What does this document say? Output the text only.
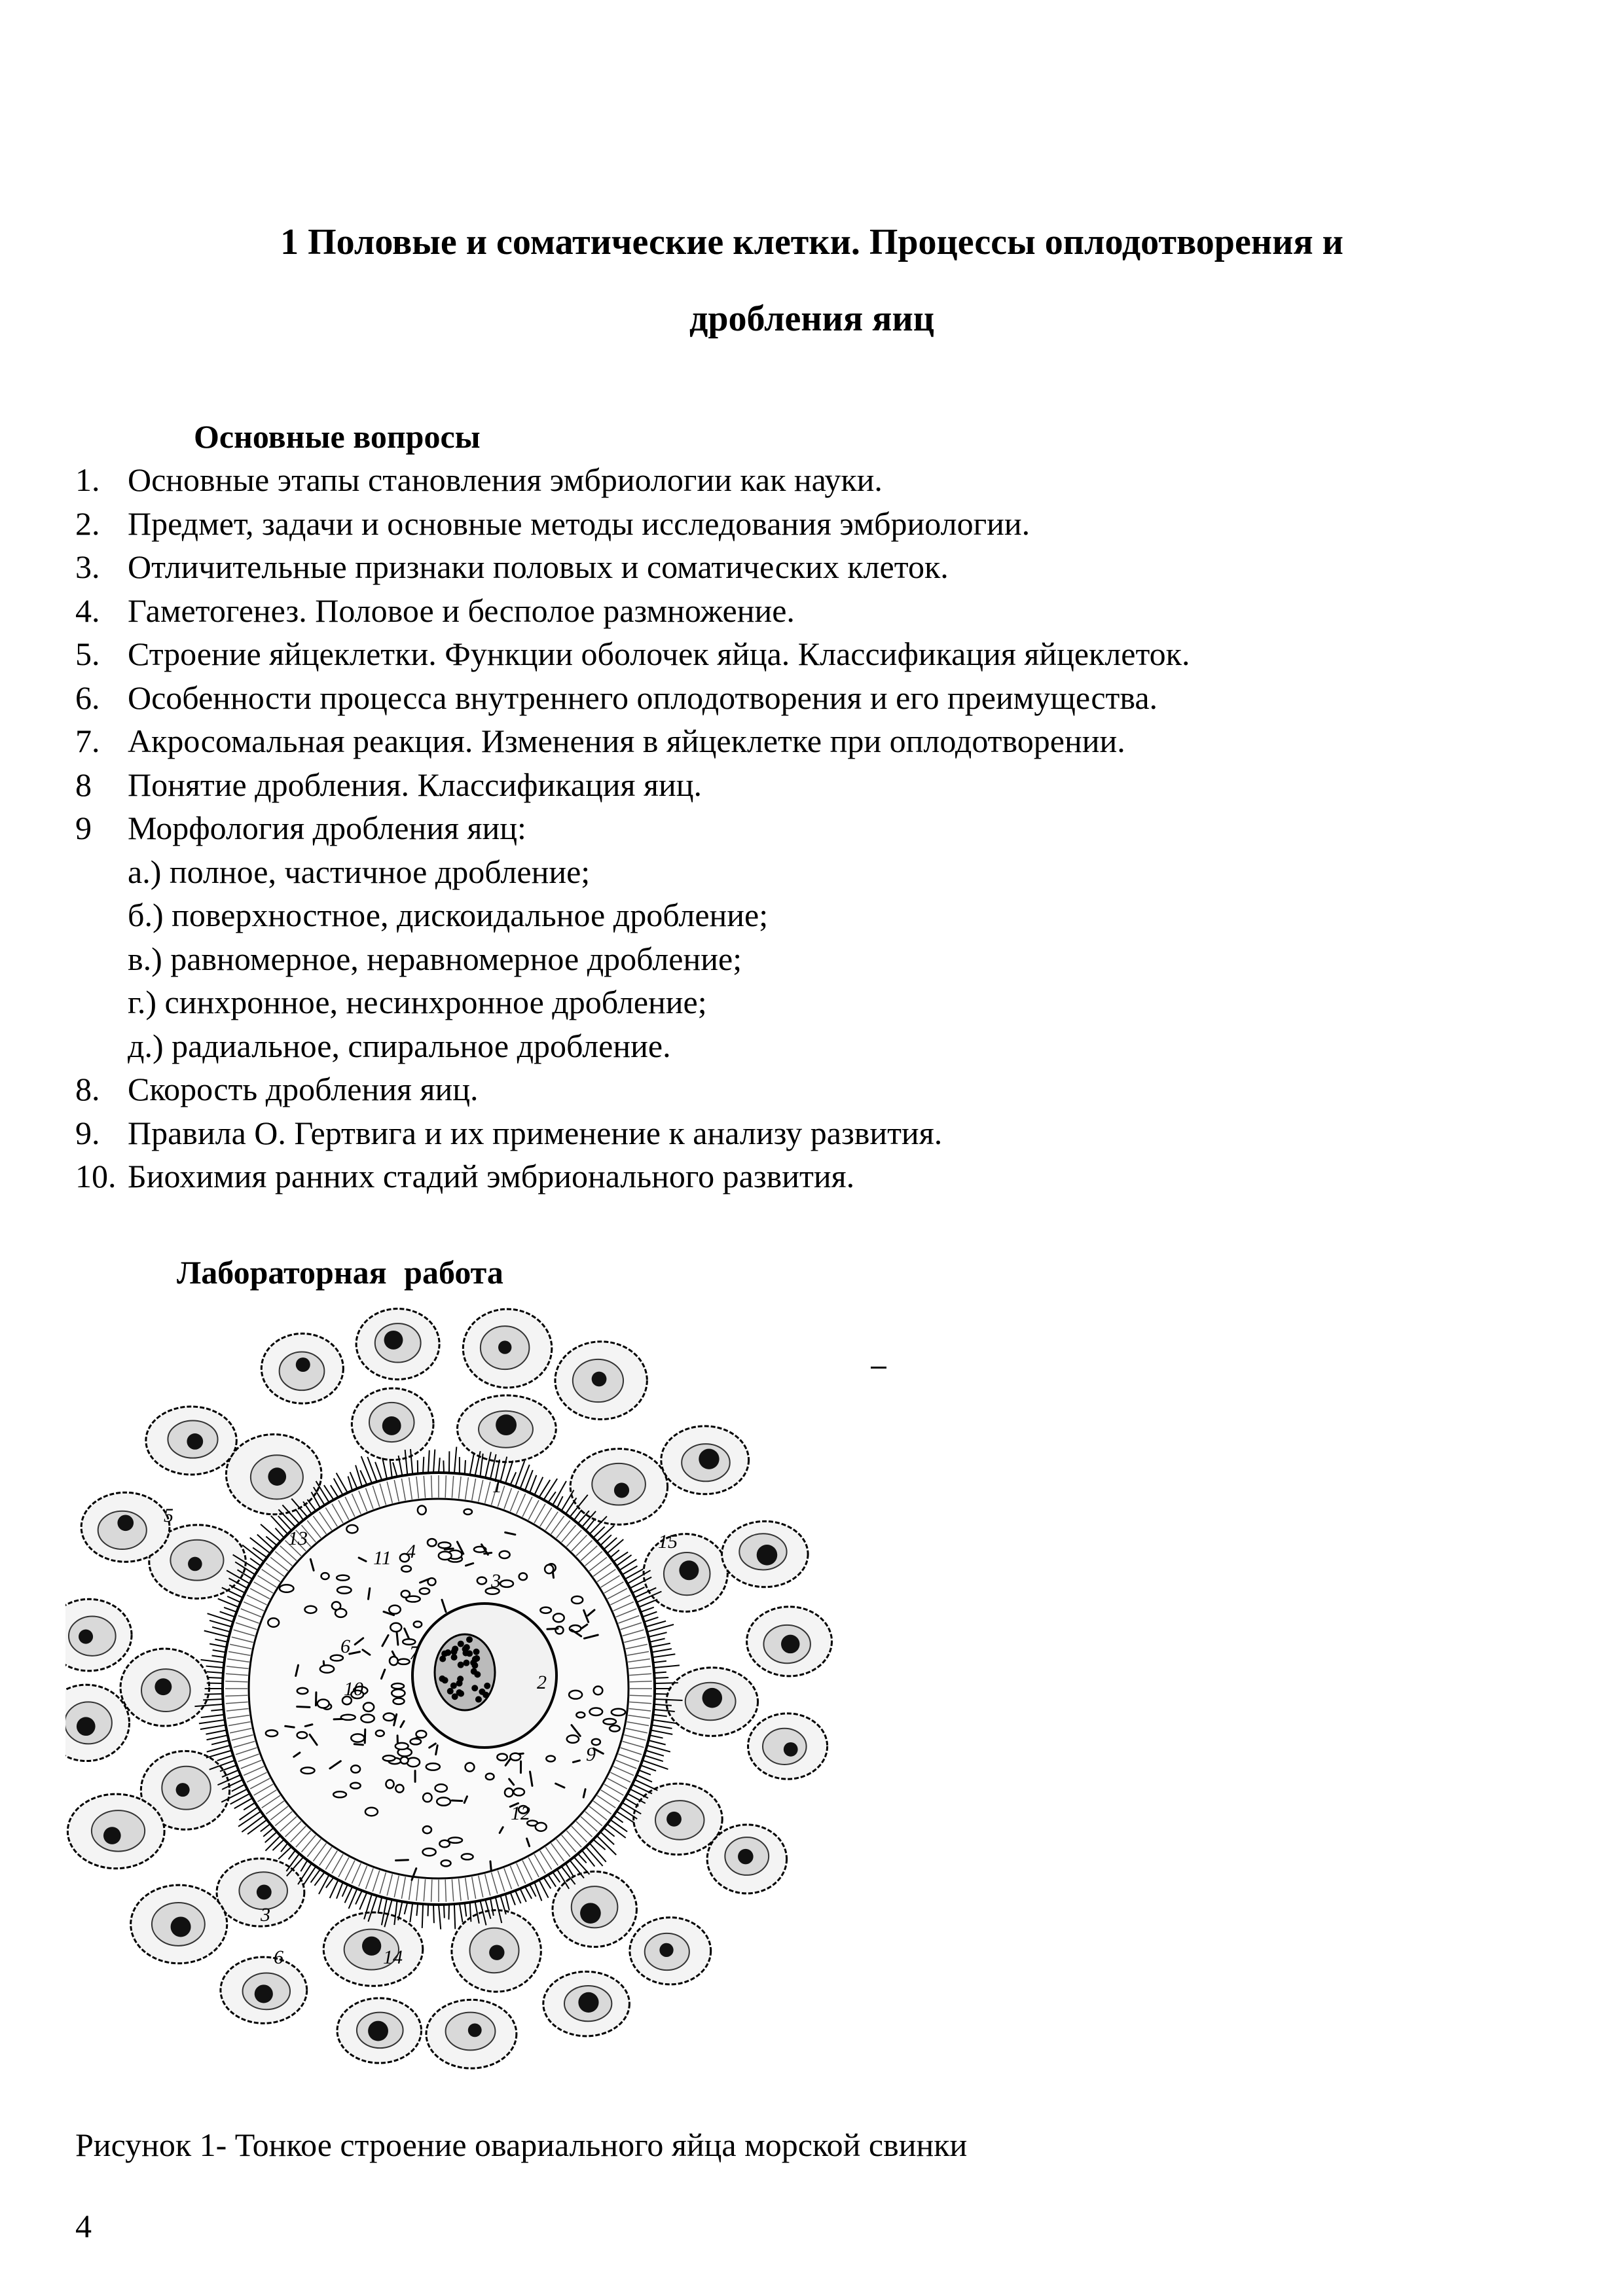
1 Половые и соматические клетки. Процессы оплодотворения и
дробления яиц
Основные вопросы
1. Основные этапы становления эмбриологии как науки.
2. Предмет, задачи и основные методы исследования эмбриологии.
3. Отличительные признаки половых и соматических клеток.
4. Гаметогенез. Половое и бесполое размножение.
5. Строение яйцеклетки. Функции оболочек яйца. Классификация яйцеклеток.
6. Особенности процесса внутреннего оплодотворения и его преимущества.
7. Акросомальная реакция. Изменения в яйцеклетке при оплодотворении.
8 Понятие дробления. Классификация яиц.
9 Морфология дробления яиц:
а.) полное, частичное дробление;
б.) поверхностное, дискоидальное дробление;
в.) равномерное, неравномерное дробление;
г.) синхронное, несинхронное дробление;
д.) радиальное, спиральное дробление.
8. Скорость дробления яиц.
9. Правила О. Гертвига и их применение к анализу развития.
10. Биохимия ранних стадий эмбрионального развития.
Лабораторная работа
1
2
3
4
5
6	7
9
10
11
12
13
14
15
3
6

Рисунок 1- Тонкое строение овариального яйца морской свинки

4
